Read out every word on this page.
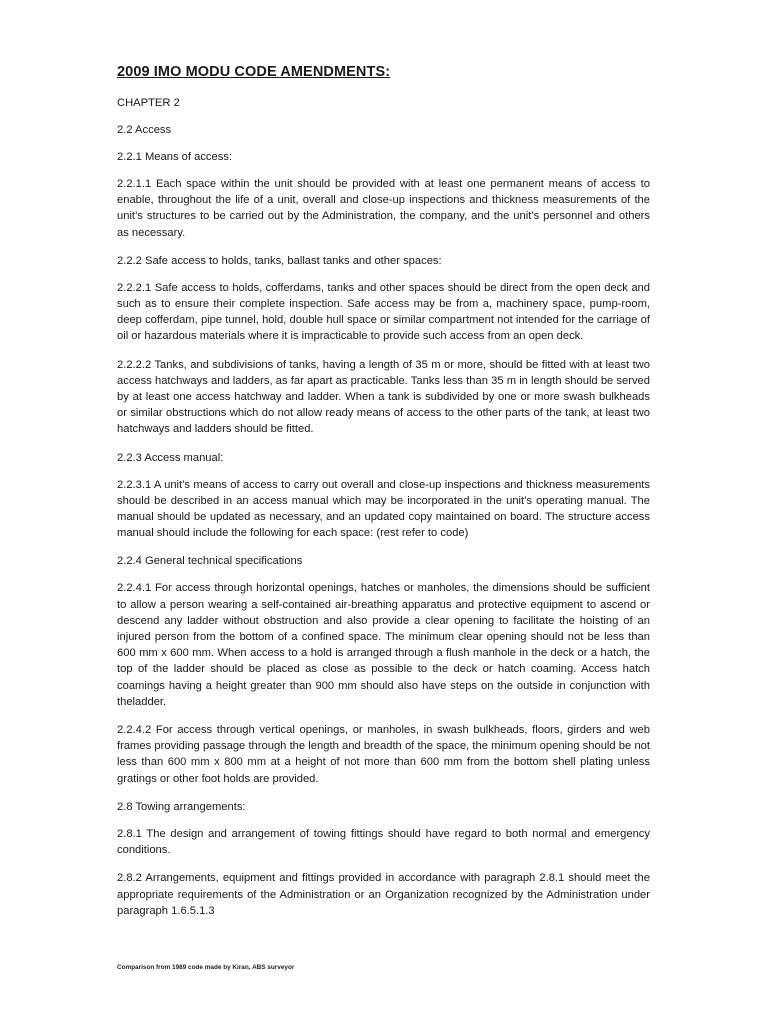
2009 IMO MODU CODE AMENDMENTS:
CHAPTER 2
2.2 Access
2.2.1 Means of access:

2.2.1.1 Each space within the unit should be provided with at least one permanent means of access to enable, throughout the life of a unit, overall and close-up inspections and thickness measurements of the unit’s structures to be carried out by the Administration, the company, and the unit’s personnel and others as necessary.

2.2.2 Safe access to holds, tanks, ballast tanks and other spaces:

2.2.2.1 Safe access to holds, cofferdams, tanks and other spaces should be direct from the open deck and such as to ensure their complete inspection. Safe access may be from a, machinery space, pump-room, deep cofferdam, pipe tunnel, hold, double hull space or similar compartment not intended for the carriage of oil or hazardous materials where it is impracticable to provide such access from an open deck.

2.2.2.2 Tanks, and subdivisions of tanks, having a length of 35 m or more, should be fitted with at least two access hatchways and ladders, as far apart as practicable. Tanks less than 35 m in length should be served by at least one access hatchway and ladder. When a tank is subdivided by one or more swash bulkheads or similar obstructions which do not allow ready means of access to the other parts of the tank, at least two hatchways and ladders should be fitted.

2.2.3 Access manual:

2.2.3.1 A unit’s means of access to carry out overall and close-up inspections and thickness measurements should be described in an access manual which may be incorporated in the unit’s operating manual. The manual should be updated as necessary, and an updated copy maintained on board. The structure access manual should include the following for each space: (rest refer to code)

2.2.4 General technical specifications

2.2.4.1 For access through horizontal openings, hatches or manholes, the dimensions should be sufficient to allow a person wearing a self-contained air-breathing apparatus and protective equipment to ascend or descend any ladder without obstruction and also provide a clear opening to facilitate the hoisting of an injured person from the bottom of a confined space. The minimum clear opening should not be less than 600 mm x 600 mm. When access to a hold is arranged through a flush manhole in the deck or a hatch, the top of the ladder should be placed as close as possible to the deck or hatch coaming. Access hatch coamings having a height greater than 900 mm should also have steps on the outside in conjunction with theladder.

2.2.4.2 For access through vertical openings, or manholes, in swash bulkheads, floors, girders and web frames providing passage through the length and breadth of the space, the minimum opening should be not less than 600 mm x 800 mm at a height of not more than 600 mm from the bottom shell plating unless gratings or other foot holds are provided.

2.8 Towing arrangements:

2.8.1 The design and arrangement of towing fittings should have regard to both normal and emergency conditions.

2.8.2 Arrangements, equipment and fittings provided in accordance with paragraph 2.8.1 should meet the appropriate requirements of the Administration or an Organization recognized by the Administration under paragraph 1.6.5.1.3

Comparison from 1989 code made by Kiran, ABS surveyor
